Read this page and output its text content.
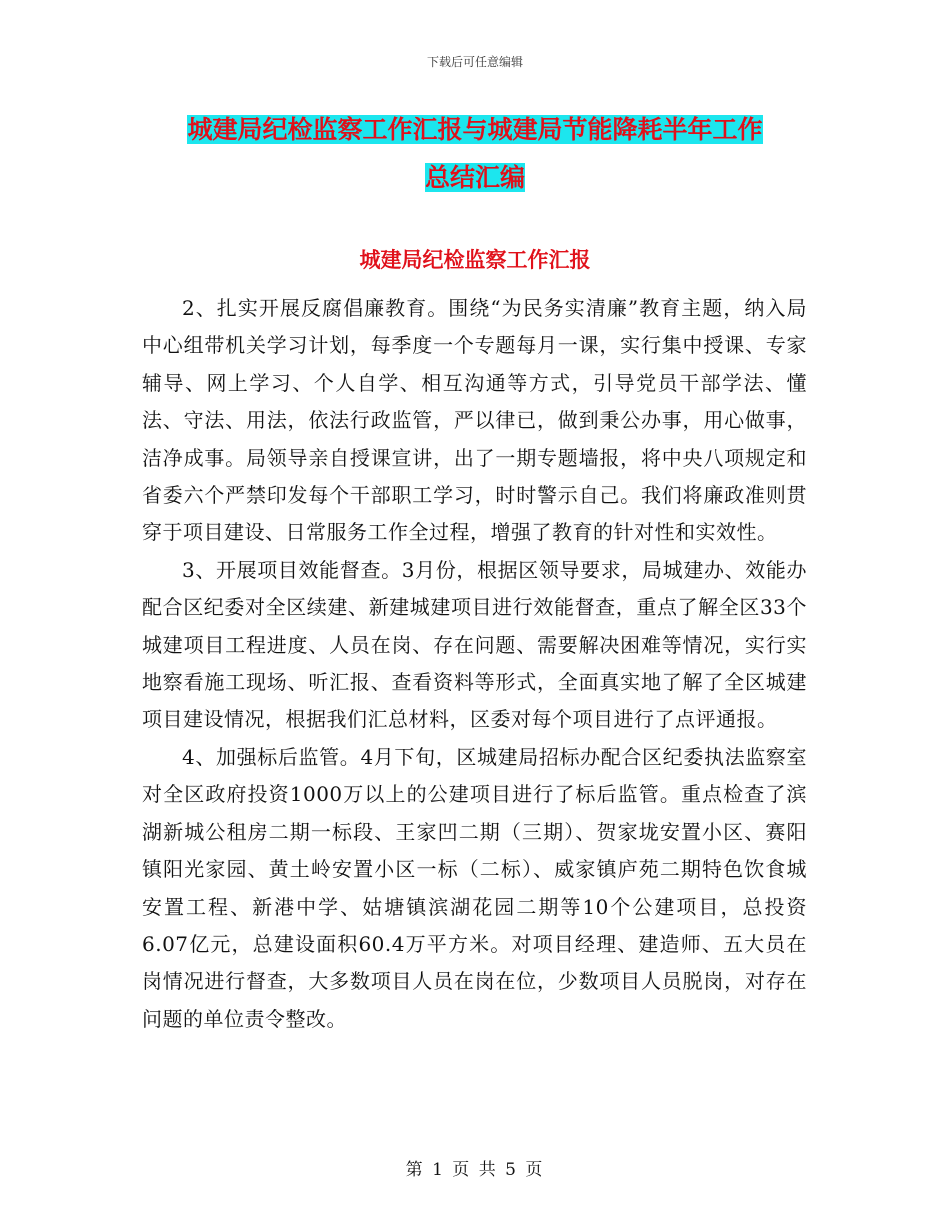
下载后可任意编辑
城建局纪检监察工作汇报与城建局节能降耗半年工作
总结汇编
城建局纪检监察工作汇报

2、扎实开展反腐倡廉教育。围绕“为民务实清廉”教育主题，纳入局中心组带机关学习计划，每季度一个专题每月一课，实行集中授课、专家辅导、网上学习、个人自学、相互沟通等方式，引导党员干部学法、懂法、守法、用法，依法行政监管，严以律已，做到秉公办事，用心做事，洁净成事。局领导亲自授课宣讲，出了一期专题墙报，将中央八项规定和省委六个严禁印发每个干部职工学习，时时警示自己。我们将廉政准则贯穿于项目建设、日常服务工作全过程，增强了教育的针对性和实效性。

3、开展项目效能督查。3月份，根据区领导要求，局城建办、效能办配合区纪委对全区续建、新建城建项目进行效能督查，重点了解全区33个城建项目工程进度、人员在岗、存在问题、需要解决困难等情况，实行实地察看施工现场、听汇报、查看资料等形式，全面真实地了解了全区城建项目建设情况，根据我们汇总材料，区委对每个项目进行了点评通报。

4、加强标后监管。4月下旬，区城建局招标办配合区纪委执法监察室对全区政府投资1000万以上的公建项目进行了标后监管。重点检查了滨湖新城公租房二期一标段、王家凹二期（三期）、贺家垅安置小区、赛阳镇阳光家园、黄土岭安置小区一标（二标）、威家镇庐苑二期特色饮食城安置工程、新港中学、姑塘镇滨湖花园二期等10个公建项目，总投资6.07亿元，总建设面积60.4万平方米。对项目经理、建造师、五大员在岗情况进行督查，大多数项目人员在岗在位，少数项目人员脱岗，对存在问题的单位责令整改。

第 1 页 共 5 页
